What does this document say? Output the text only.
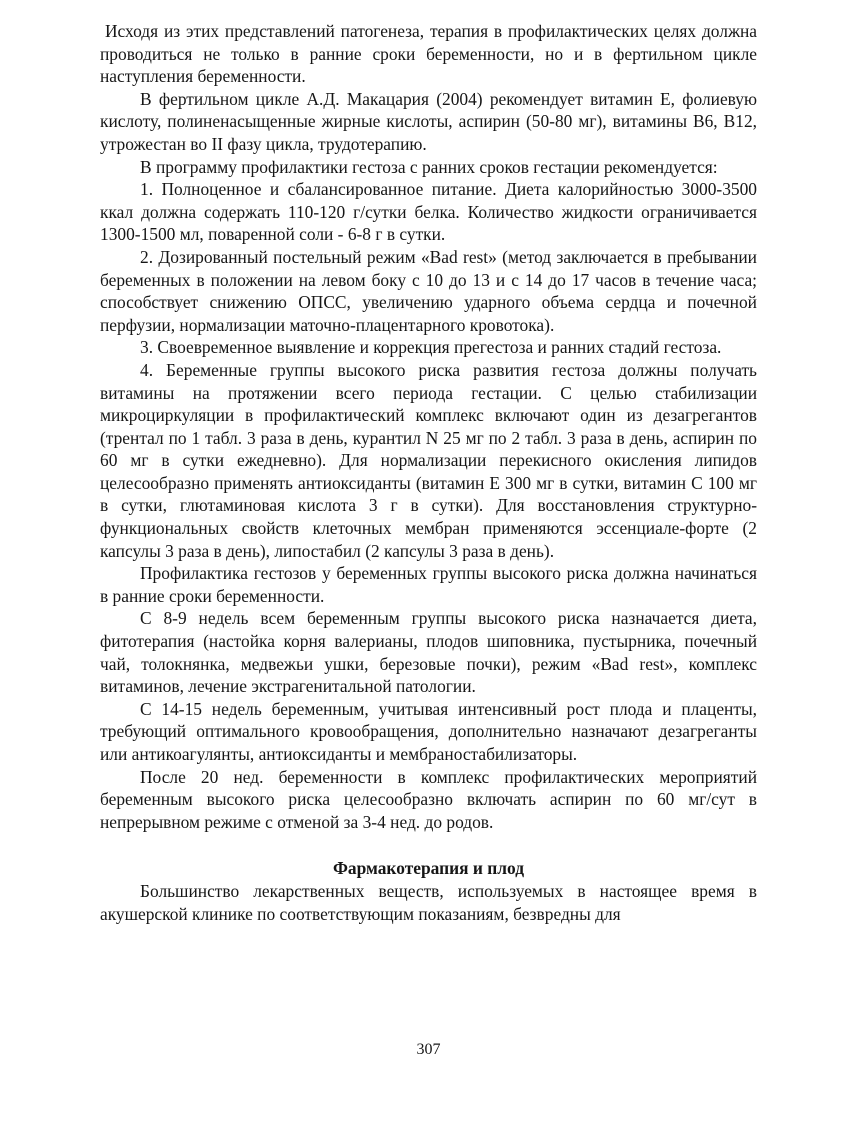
Исходя из этих представлений патогенеза, терапия в профилактических целях должна проводиться не только в ранние сроки беременности, но и в фертильном цикле наступления беременности.

В фертильном цикле А.Д. Макацария (2004) рекомендует витамин Е, фолиевую кислоту, полиненасыщенные жирные кислоты, аспирин (50-80 мг), витамины В6, В12, утрожестан во II фазу цикла, трудотерапию.

В программу профилактики гестоза с ранних сроков гестации рекомендуется:

1. Полноценное и сбалансированное питание. Диета калорийностью 3000-3500 ккал должна содержать 110-120 г/сутки белка. Количество жидкости ограничивается 1300-1500 мл, поваренной соли - 6-8 г в сутки.

2. Дозированный постельный режим «Bad rest» (метод заключается в пребывании беременных в положении на левом боку с 10 до 13 и с 14 до 17 часов в течение часа; способствует снижению ОПСС, увеличению ударного объема сердца и почечной перфузии, нормализации маточно-плацентарного кровотока).

3. Своевременное выявление и коррекция прегестоза и ранних стадий гестоза.

4. Беременные группы высокого риска развития гестоза должны получать витамины на протяжении всего периода гестации. С целью стабилизации микроциркуляции в профилактический комплекс включают один из дезагрегантов (трентал по 1 табл. 3 раза в день, курантил N 25 мг по 2 табл. 3 раза в день, аспирин по 60 мг в сутки ежедневно). Для нормализации перекисного окисления липидов целесообразно применять антиоксиданты (витамин Е 300 мг в сутки, витамин С 100 мг в сутки, глютаминовая кислота 3 г в сутки). Для восстановления структурно-функциональных свойств клеточных мембран применяются эссенциале-форте (2 капсулы 3 раза в день), липостабил (2 капсулы 3 раза в день).

Профилактика гестозов у беременных группы высокого риска должна начинаться в ранние сроки беременности.

С 8-9 недель всем беременным группы высокого риска назначается диета, фитотерапия (настойка корня валерианы, плодов шиповника, пустырника, почечный чай, толокнянка, медвежьи ушки, березовые почки), режим «Bad rest», комплекс витаминов, лечение экстрагенитальной патологии.

С 14-15 недель беременным, учитывая интенсивный рост плода и плаценты, требующий оптимального кровообращения, дополнительно назначают дезагреганты или антикоагулянты, антиоксиданты и мембраностабилизаторы.

После 20 нед. беременности в комплекс профилактических мероприятий беременным высокого риска целесообразно включать аспирин по 60 мг/сут в непрерывном режиме с отменой за 3-4 нед. до родов.

Фармакотерапия и плод

Большинство лекарственных веществ, используемых в настоящее время в акушерской клинике по соответствующим показаниям, безвредны для

307
